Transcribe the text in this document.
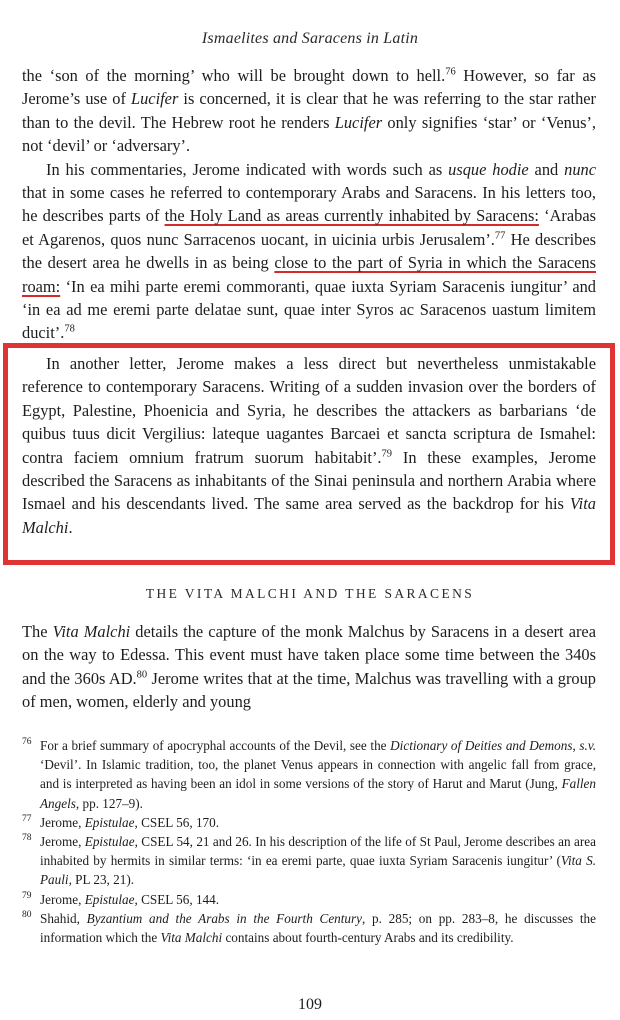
Ismaelites and Saracens in Latin

the ‘son of the morning’ who will be brought down to hell.$^{76}$ However, so far as Jerome’s use of Lucifer is concerned, it is clear that he was referring to the star rather than to the devil. The Hebrew root he renders Lucifer only signifies ‘star’ or ‘Venus’, not ‘devil’ or ‘adversary’.

In his commentaries, Jerome indicated with words such as usque hodie and nunc that in some cases he referred to contemporary Arabs and Saracens. In his letters too, he describes parts of the Holy Land as areas currently inhabited by Saracens: ‘Arabas et Agarenos, quos nunc Sarracenos uocant, in uicinia urbis Jerusalem’.$^{77}$ He describes the desert area he dwells in as being close to the part of Syria in which the Saracens roam: ‘In ea mihi parte eremi commoranti, quae iuxta Syriam Saracenis iungitur’ and ‘in ea ad me eremi parte delatae sunt, quae inter Syros ac Saracenos uastum limitem ducit’.$^{78}$

In another letter, Jerome makes a less direct but nevertheless unmistakable reference to contemporary Saracens. Writing of a sudden invasion over the borders of Egypt, Palestine, Phoenicia and Syria, he describes the attackers as barbarians ‘de quibus tuus dicit Vergilius: lateque uagantes Barcaei et sancta scriptura de Ismahel: contra faciem omnium fratrum suorum habitabit’.$^{79}$ In these examples, Jerome described the Saracens as inhabitants of the Sinai peninsula and northern Arabia where Ismael and his descendants lived. The same area served as the backdrop for his Vita Malchi.

THE VITA MALCHI AND THE SARACENS

The Vita Malchi details the capture of the monk Malchus by Saracens in a desert area on the way to Edessa. This event must have taken place some time between the 340s and the 360s AD.$^{80}$ Jerome writes that at the time, Malchus was travelling with a group of men, women, elderly and young

76 For a brief summary of apocryphal accounts of the Devil, see the Dictionary of Deities and Demons, s.v. ‘Devil’. In Islamic tradition, too, the planet Venus appears in connection with angelic fall from grace, and is interpreted as having been an idol in some versions of the story of Harut and Marut (Jung, Fallen Angels, pp. 127–9).

77 Jerome, Epistulae, CSEL 56, 170.

78 Jerome, Epistulae, CSEL 54, 21 and 26. In his description of the life of St Paul, Jerome describes an area inhabited by hermits in similar terms: ‘in ea eremi parte, quae iuxta Syriam Saracenis iungitur’ (Vita S. Pauli, PL 23, 21).

79 Jerome, Epistulae, CSEL 56, 144.

80 Shahid, Byzantium and the Arabs in the Fourth Century, p. 285; on pp. 283–8, he discusses the information which the Vita Malchi contains about fourth-century Arabs and its credibility.

109
